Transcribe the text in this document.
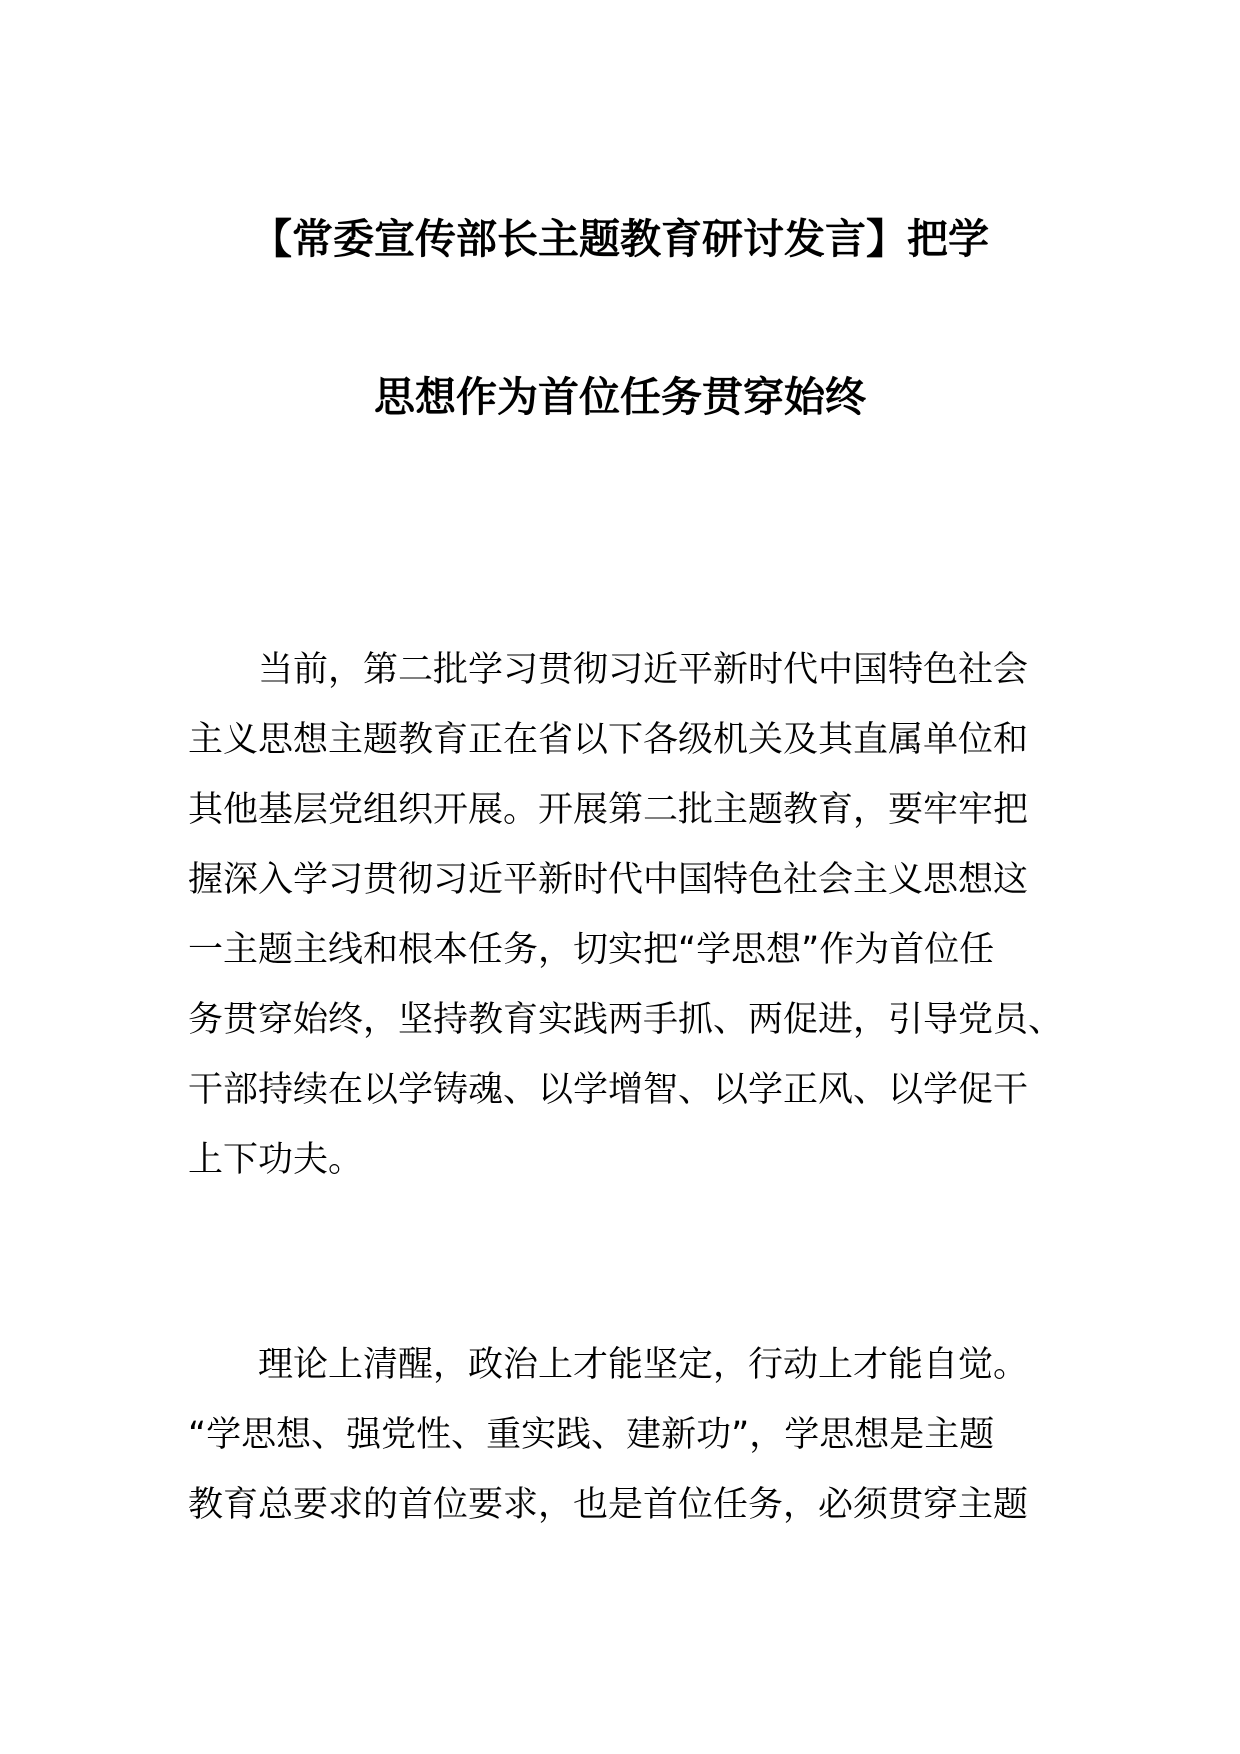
【常委宣传部长主题教育研讨发言】把学
思想作为首位任务贯穿始终
当前，第二批学习贯彻习近平新时代中国特色社会
主义思想主题教育正在省以下各级机关及其直属单位和
其他基层党组织开展。开展第二批主题教育，要牢牢把
握深入学习贯彻习近平新时代中国特色社会主义思想这
一主题主线和根本任务，切实把“学思想”作为首位任
务贯穿始终，坚持教育实践两手抓、两促进，引导党员、
干部持续在以学铸魂、以学增智、以学正风、以学促干
上下功夫。
理论上清醒，政治上才能坚定，行动上才能自觉。
“学思想、强党性、重实践、建新功”，学思想是主题
教育总要求的首位要求，也是首位任务，必须贯穿主题
